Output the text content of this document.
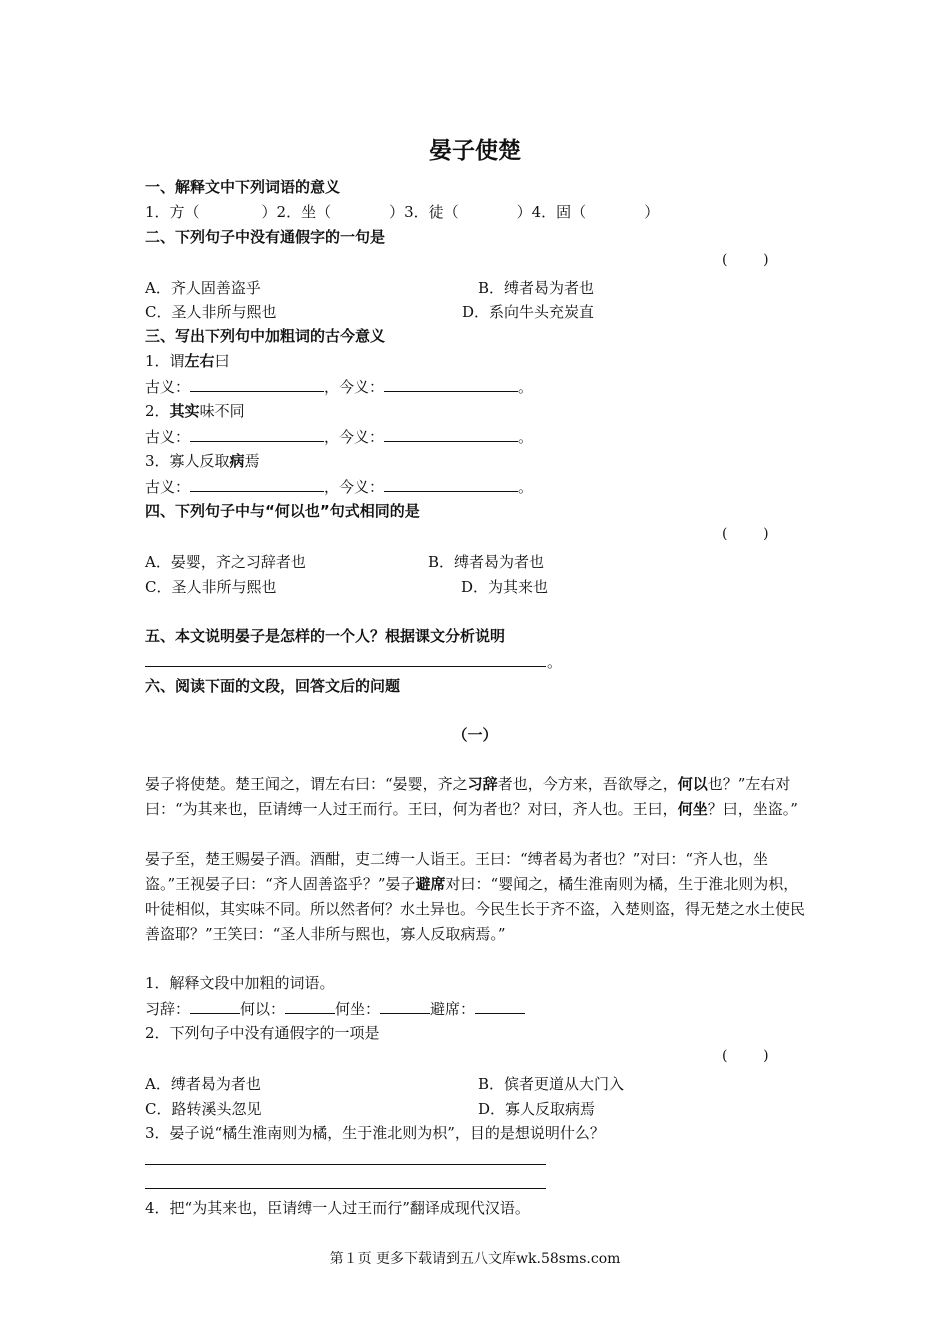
晏子使楚
一、解释文中下列词语的意义
1．方（	）2．坐（	）3．徒（	）4．固（	）
二、下列句子中没有通假字的一句是
(        )
A．齐人固善盗乎	B．缚者曷为者也
C．圣人非所与熙也	D．系向牛头充炭直
三、写出下列句中加粗词的古今意义
1．谓左右曰
古义：	，今义：	。
2．其实味不同
古义：	，今义：	。
3．寡人反取病焉
古义：	，今义：	。
四、下列句子中与“何以也”句式相同的是
(        )
A．晏婴，齐之习辞者也	B．缚者曷为者也
C．圣人非所与熙也	D．为其来也
五、本文说明晏子是怎样的一个人？根据课文分析说明
。
六、阅读下面的文段，回答文后的问题
（一）
晏子将使楚。楚王闻之，谓左右曰：“晏婴，齐之习辞者也，今方来，吾欲辱之，何以也？”左右对曰：“为其来也，臣请缚一人过王而行。王曰，何为者也？对曰，齐人也。王曰，何坐？曰，坐盗。”
晏子至，楚王赐晏子酒。酒酣，吏二缚一人诣王。王曰：“缚者曷为者也？”对曰：“齐人也，坐盗。”王视晏子曰：“齐人固善盗乎？”晏子避席对曰：“婴闻之，橘生淮南则为橘，生于淮北则为枳，叶徒相似，其实味不同。所以然者何？水土异也。今民生长于齐不盗，入楚则盗，得无楚之水土使民善盗耶？”王笑曰：“圣人非所与熙也，寡人反取病焉。”
1．解释文段中加粗的词语。
习辞：	何以：	何坐：	避席：
2．下列句子中没有通假字的一项是
(        )
A．缚者曷为者也	B．傧者更道从大门入
C．路转溪头忽见	D．寡人反取病焉
3．晏子说“橘生淮南则为橘，生于淮北则为枳”，目的是想说明什么？
4．把“为其来也，臣请缚一人过王而行”翻译成现代汉语。
第１页 更多下载请到五八文库wk.58sms.com
